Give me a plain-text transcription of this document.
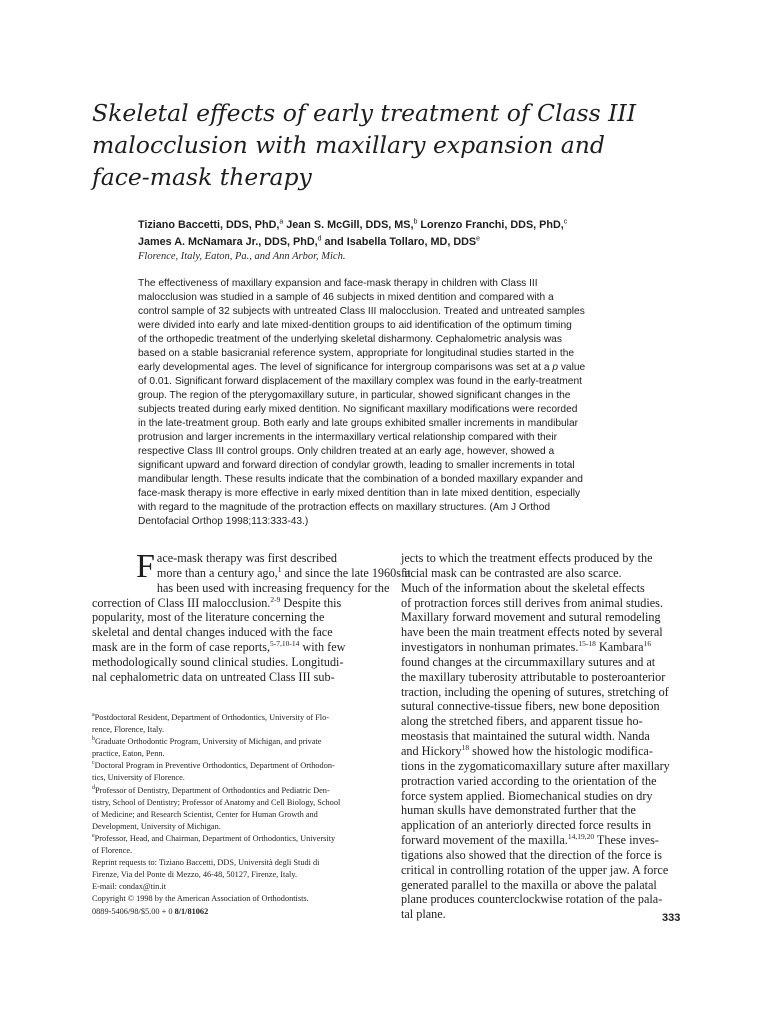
Skeletal effects of early treatment of Class III
malocclusion with maxillary expansion and
face-mask therapy
Tiziano Baccetti, DDS, PhD,$^a$ Jean S. McGill, DDS, MS,$^b$ Lorenzo Franchi, DDS, PhD,$^c$
James A. McNamara Jr., DDS, PhD,$^d$ and Isabella Tollaro, MD, DDS$^e$
Florence, Italy, Eaton, Pa., and Ann Arbor, Mich.
The effectiveness of maxillary expansion and face-mask therapy in children with Class III
malocclusion was studied in a sample of 46 subjects in mixed dentition and compared with a
control sample of 32 subjects with untreated Class III malocclusion. Treated and untreated samples
were divided into early and late mixed-dentition groups to aid identification of the optimum timing
of the orthopedic treatment of the underlying skeletal disharmony. Cephalometric analysis was
based on a stable basicranial reference system, appropriate for longitudinal studies started in the
early developmental ages. The level of significance for intergroup comparisons was set at a p value
of 0.01. Significant forward displacement of the maxillary complex was found in the early-treatment
group. The region of the pterygomaxillary suture, in particular, showed significant changes in the
subjects treated during early mixed dentition. No significant maxillary modifications were recorded
in the late-treatment group. Both early and late groups exhibited smaller increments in mandibular
protrusion and larger increments in the intermaxillary vertical relationship compared with their
respective Class III control groups. Only children treated at an early age, however, showed a
significant upward and forward direction of condylar growth, leading to smaller increments in total
mandibular length. These results indicate that the combination of a bonded maxillary expander and
face-mask therapy is more effective in early mixed dentition than in late mixed dentition, especially
with regard to the magnitude of the protraction effects on maxillary structures. (Am J Orthod
Dentofacial Orthop 1998;113:333-43.)
F ace-mask therapy was first described
more than a century ago,$^1$ and since the late 1960s it
has been used with increasing frequency for the
correction of Class III malocclusion.$^{2-9}$ Despite this
popularity, most of the literature concerning the
skeletal and dental changes induced with the face
mask are in the form of case reports,$^{5-7,10-14}$ with few
methodologically sound clinical studies. Longitudi-
nal cephalometric data on untreated Class III sub-
jects to which the treatment effects produced by the
facial mask can be contrasted are also scarce.
Much of the information about the skeletal effects
of protraction forces still derives from animal studies.
Maxillary forward movement and sutural remodeling
have been the main treatment effects noted by several
investigators in nonhuman primates.$^{15-18}$ Kambara$^{16}$
found changes at the circummaxillary sutures and at
the maxillary tuberosity attributable to posteroanterior
traction, including the opening of sutures, stretching of
sutural connective-tissue fibers, new bone deposition
along the stretched fibers, and apparent tissue ho-
meostasis that maintained the sutural width. Nanda
and Hickory$^{18}$ showed how the histologic modifica-
tions in the zygomaticomaxillary suture after maxillary
protraction varied according to the orientation of the
force system applied. Biomechanical studies on dry
human skulls have demonstrated further that the
application of an anteriorly directed force results in
forward movement of the maxilla.$^{14,19,20}$ These inves-
tigations also showed that the direction of the force is
critical in controlling rotation of the upper jaw. A force
generated parallel to the maxilla or above the palatal
plane produces counterclockwise rotation of the pala-
tal plane.
$^a$Postdoctoral Resident, Department of Orthodontics, University of Flo-
rence, Florence, Italy.
$^b$Graduate Orthodontic Program, University of Michigan, and private
practice, Eaton, Penn.
$^c$Doctoral Program in Preventive Orthodontics, Department of Orthodon-
tics, University of Florence.
$^d$Professor of Dentistry, Department of Orthodontics and Pediatric Den-
tistry, School of Dentistry; Professor of Anatomy and Cell Biology, School
of Medicine; and Research Scientist, Center for Human Growth and
Development, University of Michigan.
$^e$Professor, Head, and Chairman, Department of Orthodontics, University
of Florence.
Reprint requests to: Tiziano Baccetti, DDS, Università degli Studi di
Firenze, Via del Ponte di Mezzo, 46-48, 50127, Firenze, Italy.
E-mail: condax@tin.it
Copyright © 1998 by the American Association of Orthodontists.
0889-5406/98/$5.00 + 0 8/1/81062
333
